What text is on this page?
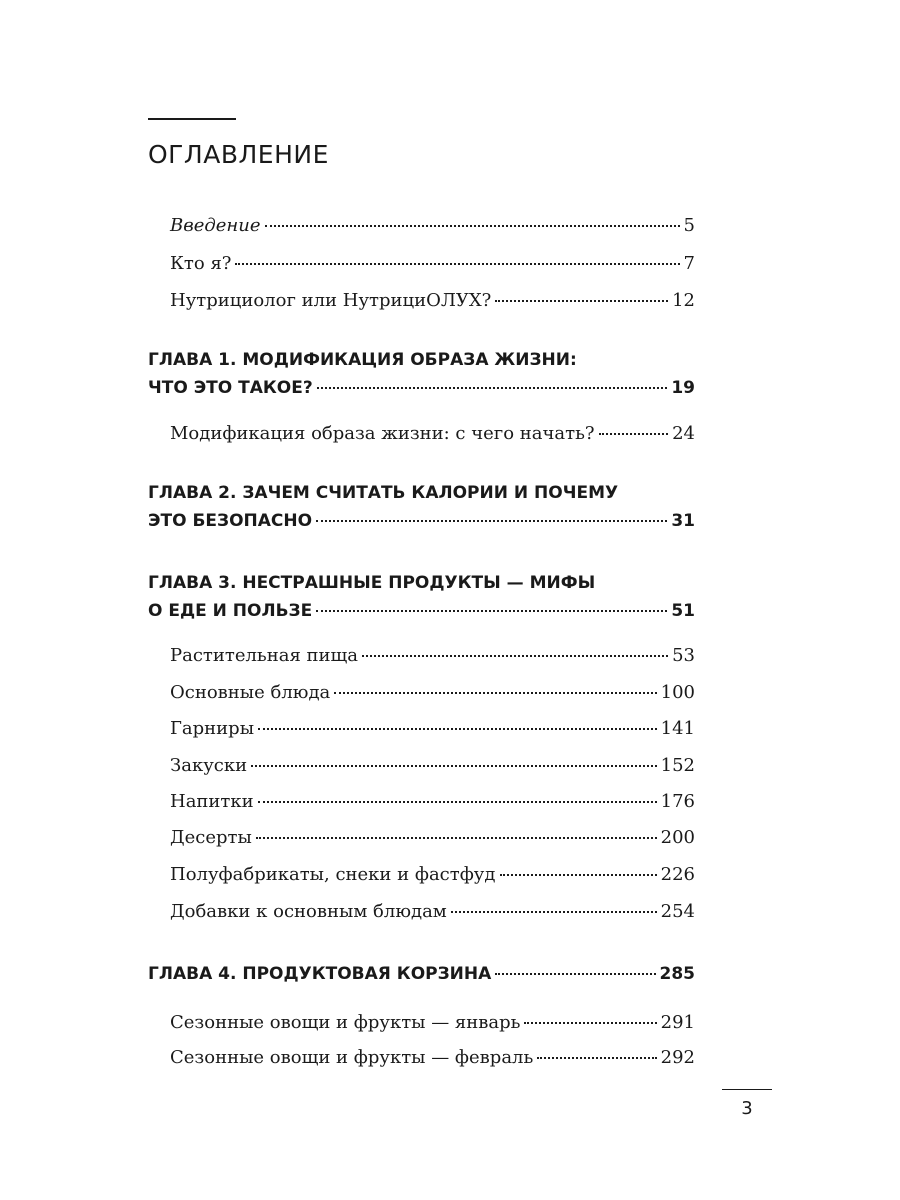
ОГЛАВЛЕНИЕ
Введение	5
Кто я?	7
Нутрициолог или НутрициОЛУХ?	12
ГЛАВА 1. МОДИФИКАЦИЯ ОБРАЗА ЖИЗНИ:
ЧТО ЭТО ТАКОЕ?	19
Модификация образа жизни: с чего начать?	24
ГЛАВА 2. ЗАЧЕМ СЧИТАТЬ КАЛОРИИ И ПОЧЕМУ
ЭТО БЕЗОПАСНО	31
ГЛАВА 3. НЕСТРАШНЫЕ ПРОДУКТЫ — МИФЫ
О ЕДЕ И ПОЛЬЗЕ	51
Растительная пища	53
Основные блюда	100
Гарниры	141
Закуски	152
Напитки	176
Десерты	200
Полуфабрикаты, снеки и фастфуд	226
Добавки к основным блюдам	254
ГЛАВА 4. ПРОДУКТОВАЯ КОРЗИНА	285
Сезонные овощи и фрукты — январь	291
Сезонные овощи и фрукты — февраль	292
3
